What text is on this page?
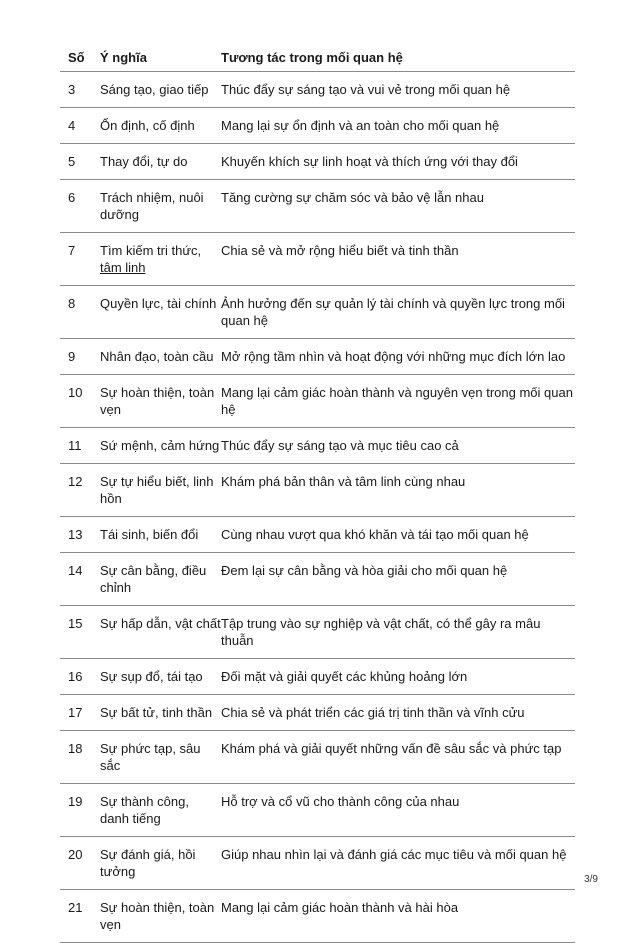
Số	Ý nghĩa	Tương tác trong mối quan hệ
3	Sáng tạo, giao tiếp	Thúc đẩy sự sáng tạo và vui vẻ trong mối quan hệ
4	Ổn định, cố định	Mang lại sự ổn định và an toàn cho mối quan hệ
5	Thay đổi, tự do	Khuyến khích sự linh hoạt và thích ứng với thay đổi
6	Trách nhiệm, nuôi dưỡng	Tăng cường sự chăm sóc và bảo vệ lẫn nhau
7	Tìm kiếm tri thức, tâm linh	Chia sẻ và mở rộng hiểu biết và tinh thần
8	Quyền lực, tài chính	Ảnh hưởng đến sự quản lý tài chính và quyền lực trong mối quan hệ
9	Nhân đạo, toàn cầu	Mở rộng tầm nhìn và hoạt động với những mục đích lớn lao
10	Sự hoàn thiện, toàn vẹn	Mang lại cảm giác hoàn thành và nguyên vẹn trong mối quan hệ
11	Sứ mệnh, cảm hứng	Thúc đẩy sự sáng tạo và mục tiêu cao cả
12	Sự tự hiểu biết, linh hồn	Khám phá bản thân và tâm linh cùng nhau
13	Tái sinh, biến đổi	Cùng nhau vượt qua khó khăn và tái tạo mối quan hệ
14	Sự cân bằng, điều chỉnh	Đem lại sự cân bằng và hòa giải cho mối quan hệ
15	Sự hấp dẫn, vật chất	Tập trung vào sự nghiệp và vật chất, có thể gây ra mâu thuẫn
16	Sự sụp đổ, tái tạo	Đối mặt và giải quyết các khủng hoảng lớn
17	Sự bất tử, tinh thần	Chia sẻ và phát triển các giá trị tinh thần và vĩnh cửu
18	Sự phức tạp, sâu sắc	Khám phá và giải quyết những vấn đề sâu sắc và phức tạp
19	Sự thành công, danh tiếng	Hỗ trợ và cổ vũ cho thành công của nhau
20	Sự đánh giá, hồi tưởng	Giúp nhau nhìn lại và đánh giá các mục tiêu và mối quan hệ
21	Sự hoàn thiện, toàn vẹn	Mang lại cảm giác hoàn thành và hài hòa
3/9
